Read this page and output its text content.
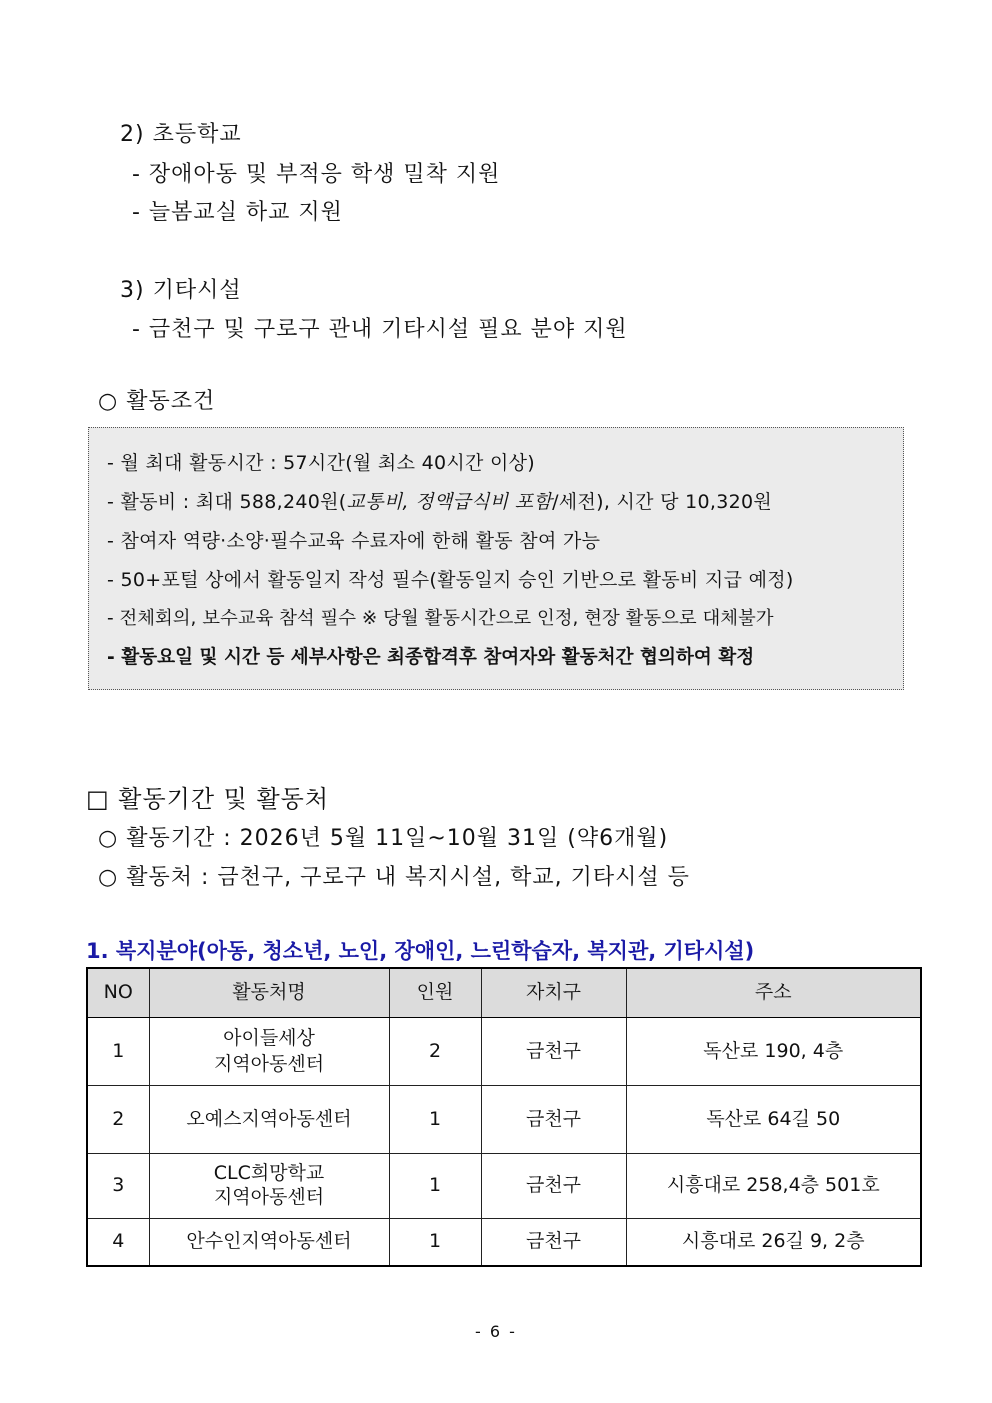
2) 초등학교
- 장애아동 및 부적응 학생 밀착 지원
- 늘봄교실 하교 지원
3) 기타시설
- 금천구 및 구로구 관내 기타시설 필요 분야 지원
○ 활동조건
- 월 최대 활동시간 : 57시간(월 최소 40시간 이상)
- 활동비 : 최대 588,240원(교통비, 정액급식비 포함/세전), 시간 당 10,320원
- 참여자 역량·소양·필수교육 수료자에 한해 활동 참여 가능
- 50+포털 상에서 활동일지 작성 필수(활동일지 승인 기반으로 활동비 지급 예정)
- 전체회의, 보수교육 참석 필수 ※ 당월 활동시간으로 인정, 현장 활동으로 대체불가
- 활동요일 및 시간 등 세부사항은 최종합격후 참여자와 활동처간 협의하여 확정
□ 활동기간 및 활동처
○ 활동기간 : 2026년 5월 11일~10월 31일 (약6개월)
○ 활동처 : 금천구, 구로구 내 복지시설, 학교, 기타시설 등
1. 복지분야(아동, 청소년, 노인, 장애인, 느린학습자, 복지관, 기타시설)
NO	활동처명	인원	자치구	주소
1	아이들세상
지역아동센터	2	금천구	독산로 190, 4층
2	오예스지역아동센터	1	금천구	독산로 64길 50
3	CLC희망학교
지역아동센터	1	금천구	시흥대로 258,4층 501호
4	안수인지역아동센터	1	금천구	시흥대로 26길 9, 2층
- 6 -
